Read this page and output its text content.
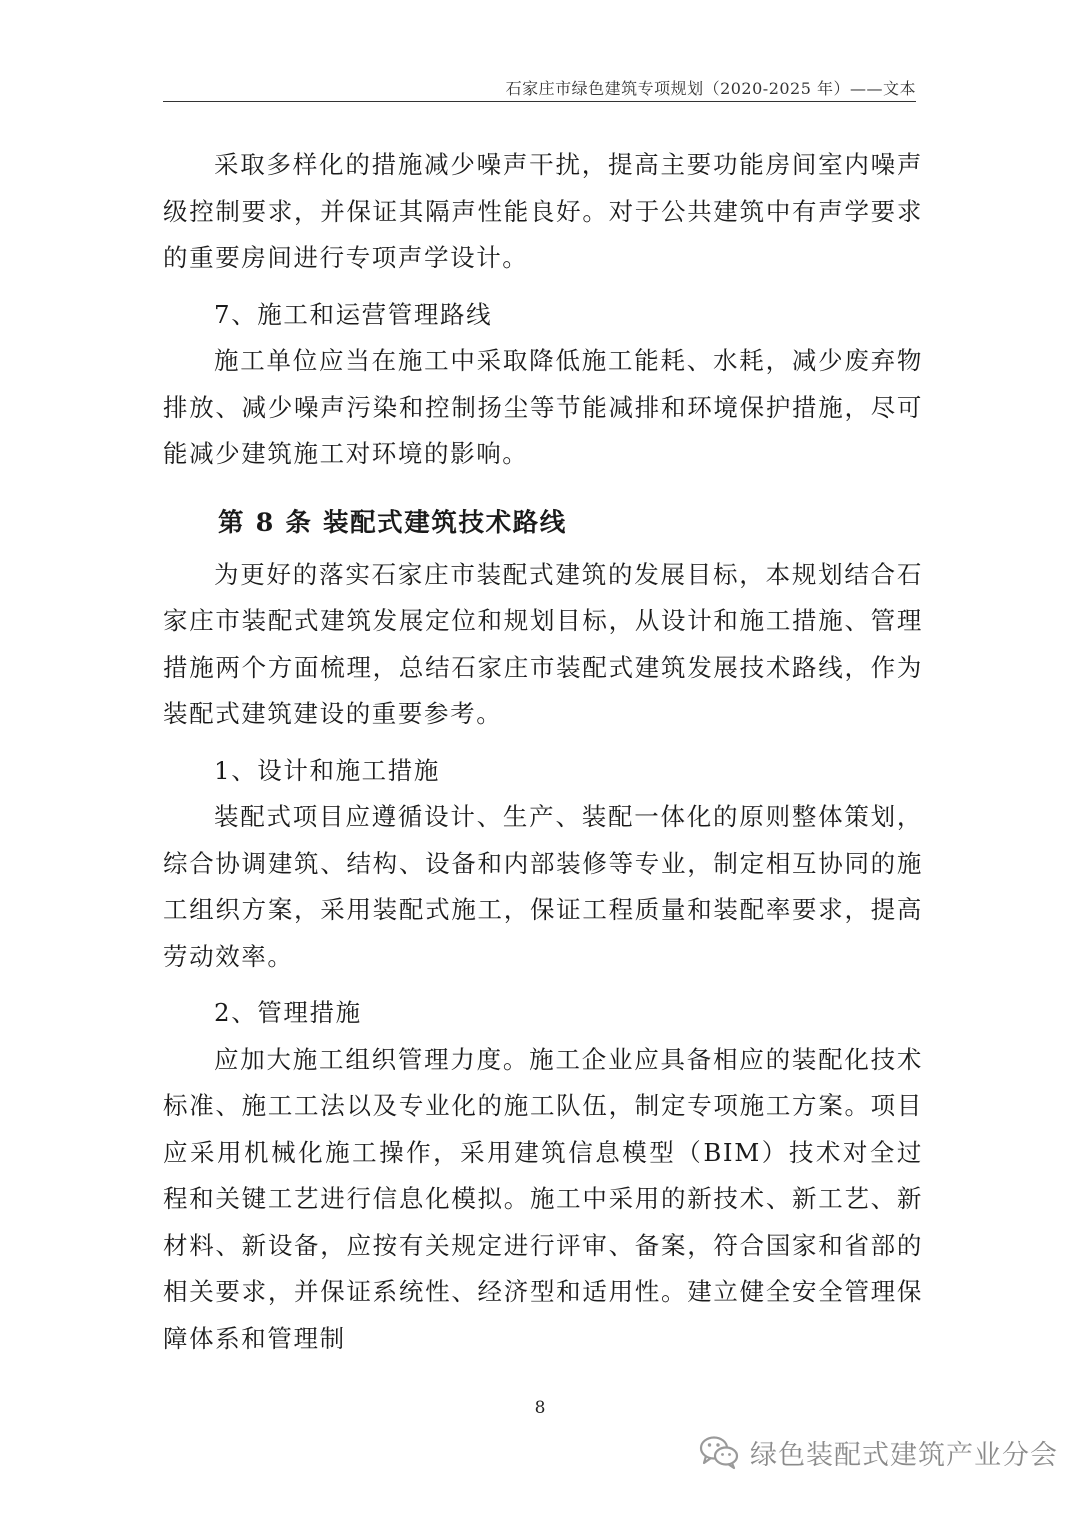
石家庄市绿色建筑专项规划（2020-2025 年）——文本

采取多样化的措施减少噪声干扰，提高主要功能房间室内噪声级控制要求，并保证其隔声性能良好。对于公共建筑中有声学要求的重要房间进行专项声学设计。

7、施工和运营管理路线

施工单位应当在施工中采取降低施工能耗、水耗，减少废弃物排放、减少噪声污染和控制扬尘等节能减排和环境保护措施，尽可能减少建筑施工对环境的影响。

第 8 条 装配式建筑技术路线

为更好的落实石家庄市装配式建筑的发展目标，本规划结合石家庄市装配式建筑发展定位和规划目标，从设计和施工措施、管理措施两个方面梳理，总结石家庄市装配式建筑发展技术路线，作为装配式建筑建设的重要参考。

1、设计和施工措施

装配式项目应遵循设计、生产、装配一体化的原则整体策划，综合协调建筑、结构、设备和内部装修等专业，制定相互协同的施工组织方案，采用装配式施工，保证工程质量和装配率要求，提高劳动效率。

2、管理措施

应加大施工组织管理力度。施工企业应具备相应的装配化技术标准、施工工法以及专业化的施工队伍，制定专项施工方案。项目应采用机械化施工操作，采用建筑信息模型（BIM）技术对全过程和关键工艺进行信息化模拟。施工中采用的新技术、新工艺、新材料、新设备，应按有关规定进行评审、备案，符合国家和省部的相关要求，并保证系统性、经济型和适用性。建立健全安全管理保障体系和管理制

8
绿色装配式建筑产业分会
